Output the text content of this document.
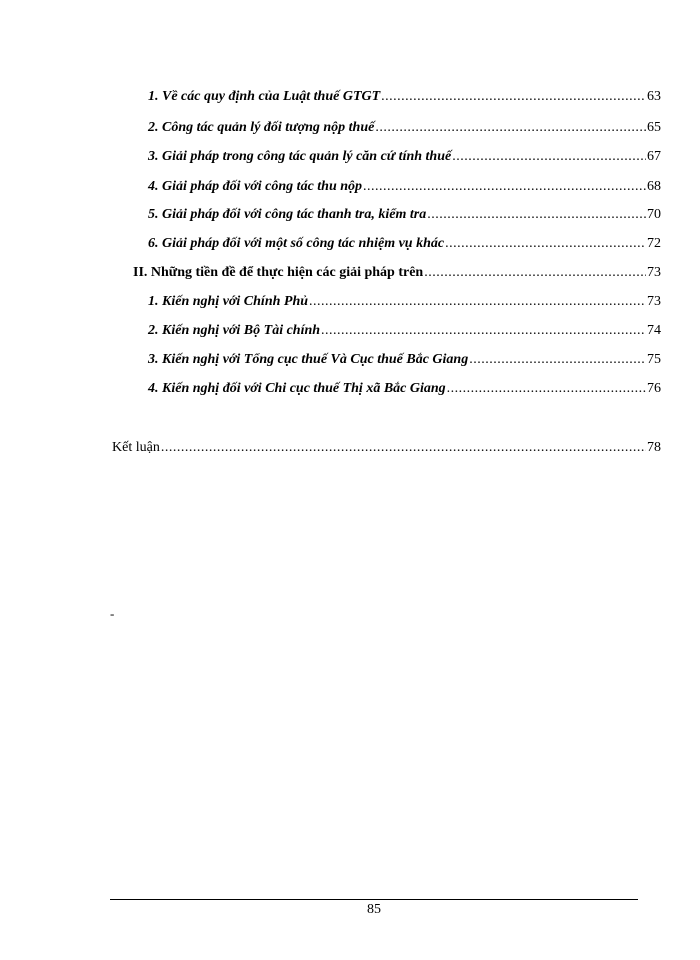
1. Về các quy định của Luật thuế GTGT .....	63
2. Công tác quản lý đối tượng nộp thuế .....	65
3. Giải pháp trong công tác quản lý căn cứ tính thuế .....	67
4. Giải pháp đối với công tác thu nộp .....	68
5. Giải pháp đối với công tác thanh tra, kiểm tra .....	70
6. Giải pháp đối với một số công tác nhiệm vụ khác .....	72
II. Những tiền đề để thực hiện các giải pháp trên .....	73
1. Kiến nghị với Chính Phủ .....	73
2. Kiến nghị với Bộ Tài chính .....	74
3. Kiến nghị với Tổng cục thuế Và Cục thuế Bắc Giang .....	75
4. Kiến nghị đối với Chi cục thuế Thị xã Bắc Giang .....	76
Kết luận .....	78
-
85
